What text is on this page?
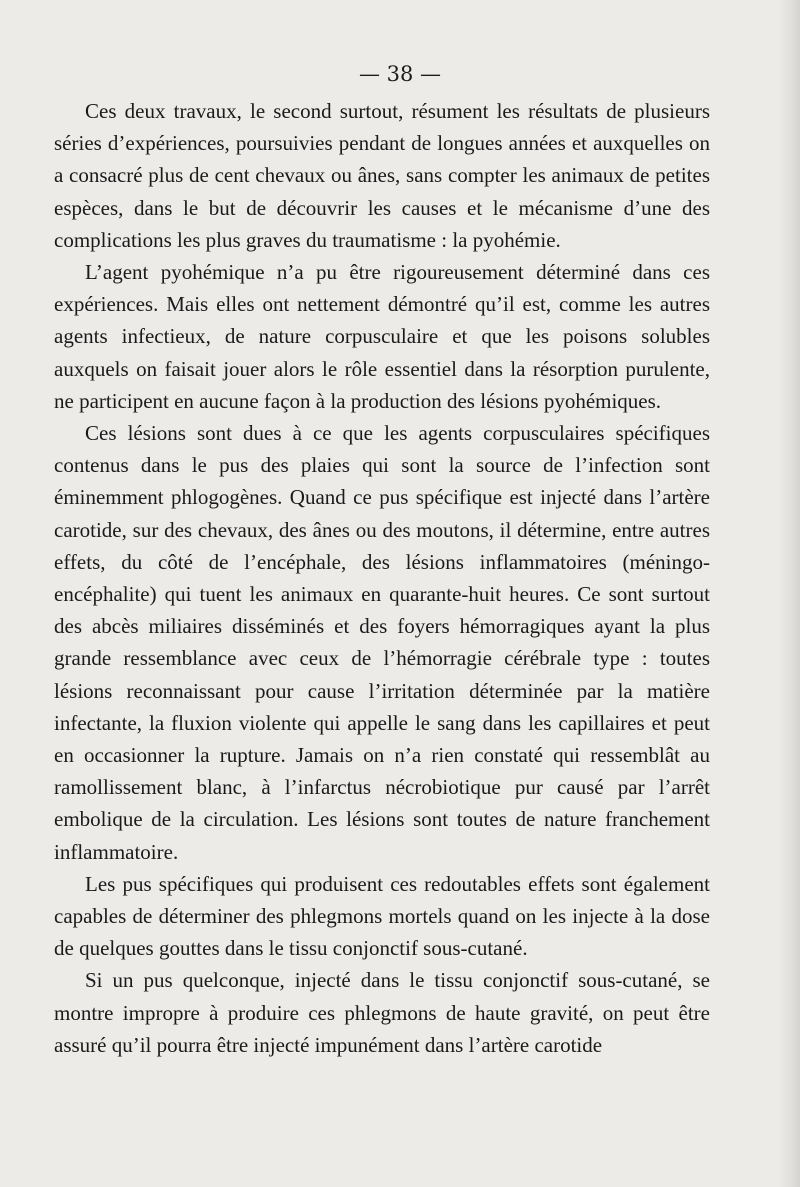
— 38 —

Ces deux travaux, le second surtout, résument les résultats de plusieurs séries d’expériences, poursuivies pendant de longues années et auxquelles on a consacré plus de cent chevaux ou ânes, sans compter les animaux de petites espèces, dans le but de découvrir les causes et le mécanisme d’une des complications les plus graves du traumatisme : la pyohémie.

L’agent pyohémique n’a pu être rigoureusement déterminé dans ces expériences. Mais elles ont nettement démontré qu’il est, comme les autres agents infectieux, de nature corpusculaire et que les poisons solubles auxquels on faisait jouer alors le rôle essentiel dans la résorption purulente, ne participent en aucune façon à la production des lésions pyohémiques.

Ces lésions sont dues à ce que les agents corpusculaires spécifiques contenus dans le pus des plaies qui sont la source de l’infection sont éminemment phlogogènes. Quand ce pus spécifique est injecté dans l’artère carotide, sur des chevaux, des ânes ou des moutons, il détermine, entre autres effets, du côté de l’encéphale, des lésions inflammatoires (méningo-encéphalite) qui tuent les animaux en quarante-huit heures. Ce sont surtout des abcès miliaires disséminés et des foyers hémorragiques ayant la plus grande ressemblance avec ceux de l’hémorragie cérébrale type : toutes lésions reconnaissant pour cause l’irritation déterminée par la matière infectante, la fluxion violente qui appelle le sang dans les capillaires et peut en occasionner la rupture. Jamais on n’a rien constaté qui ressemblât au ramollissement blanc, à l’infarctus nécrobiotique pur causé par l’arrêt embolique de la circulation. Les lésions sont toutes de nature franchement inflammatoire.

Les pus spécifiques qui produisent ces redoutables effets sont également capables de déterminer des phlegmons mortels quand on les injecte à la dose de quelques gouttes dans le tissu conjonctif sous-cutané.

Si un pus quelconque, injecté dans le tissu conjonctif sous-cutané, se montre impropre à produire ces phlegmons de haute gravité, on peut être assuré qu’il pourra être injecté impunément dans l’artère carotide
